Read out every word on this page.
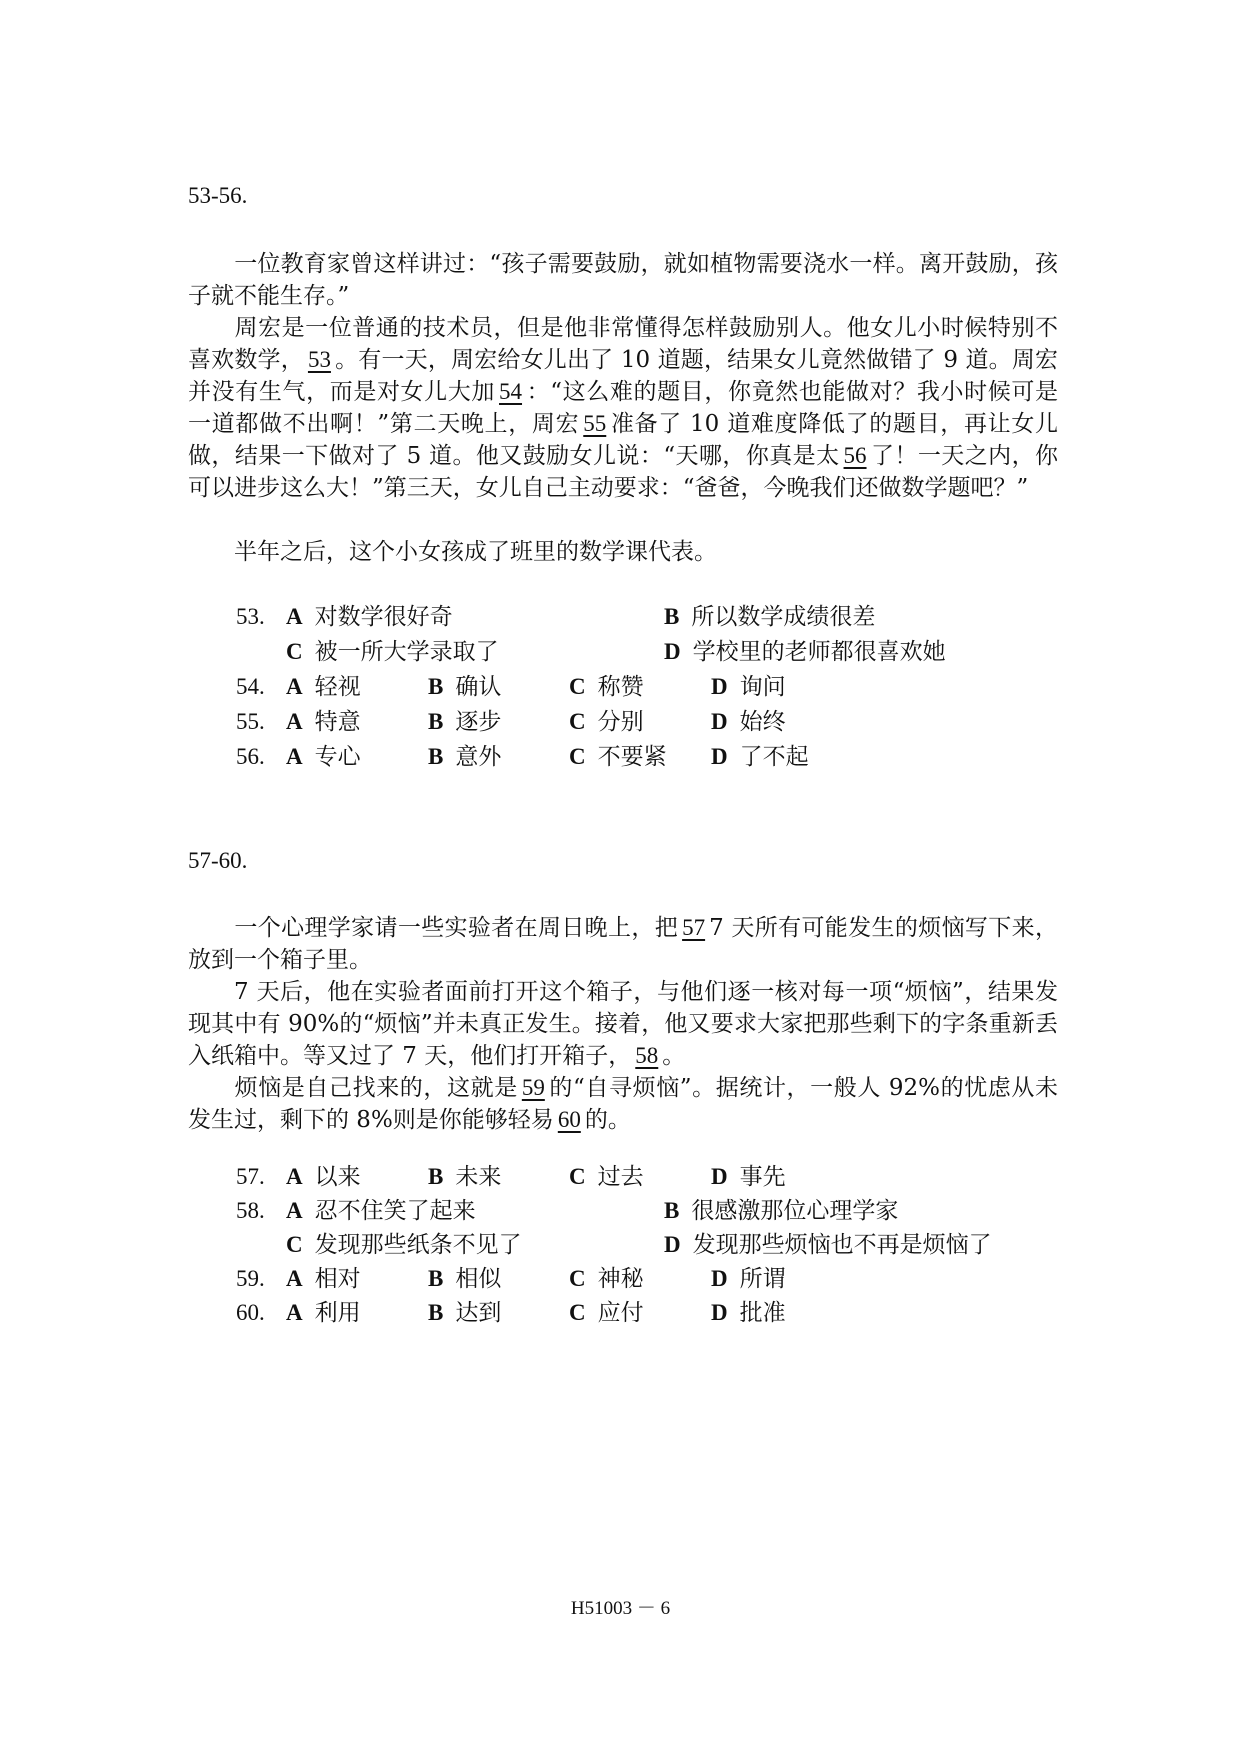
53-56.

一位教育家曾这样讲过：“孩子需要鼓励，就如植物需要浇水一样。离开鼓励，孩子就不能生存。”

周宏是一位普通的技术员，但是他非常懂得怎样鼓励别人。他女儿小时候特别不喜欢数学， 53 。有一天，周宏给女儿出了 10 道题，结果女儿竟然做错了 9 道。周宏并没有生气，而是对女儿大加 54 ：“这么难的题目，你竟然也能做对？我小时候可是一道都做不出啊！”第二天晚上，周宏 55 准备了 10 道难度降低了的题目，再让女儿做，结果一下做对了 5 道。他又鼓励女儿说：“天哪，你真是太 56 了！一天之内，你可以进步这么大！”第三天，女儿自己主动要求：“爸爸，今晚我们还做数学题吧？”

半年之后，这个小女孩成了班里的数学课代表。

53. A 对数学很好奇	B 所以数学成绩很差
C 被一所大学录取了	D 学校里的老师都很喜欢她
54. A 轻视	B 确认	C 称赞	D 询问
55. A 特意	B 逐步	C 分别	D 始终
56. A 专心	B 意外	C 不要紧 D 了不起
57-60.

一个心理学家请一些实验者在周日晚上，把 57 7 天所有可能发生的烦恼写下来，放到一个箱子里。

7 天后，他在实验者面前打开这个箱子，与他们逐一核对每一项“烦恼”，结果发现其中有 90%的“烦恼”并未真正发生。接着，他又要求大家把那些剩下的字条重新丢入纸箱中。等又过了 7 天，他们打开箱子， 58 。

烦恼是自己找来的，这就是 59 的“自寻烦恼”。据统计，一般人 92%的忧虑从未发生过，剩下的 8%则是你能够轻易 60 的。

57. A 以来	B 未来	C 过去	D 事先
58. A 忍不住笑了起来	B 很感激那位心理学家
C 发现那些纸条不见了	D 发现那些烦恼也不再是烦恼了
59. A 相对	B 相似	C 神秘	D 所谓
60. A 利用	B 达到	C 应付	D 批准
H51003 － 6
